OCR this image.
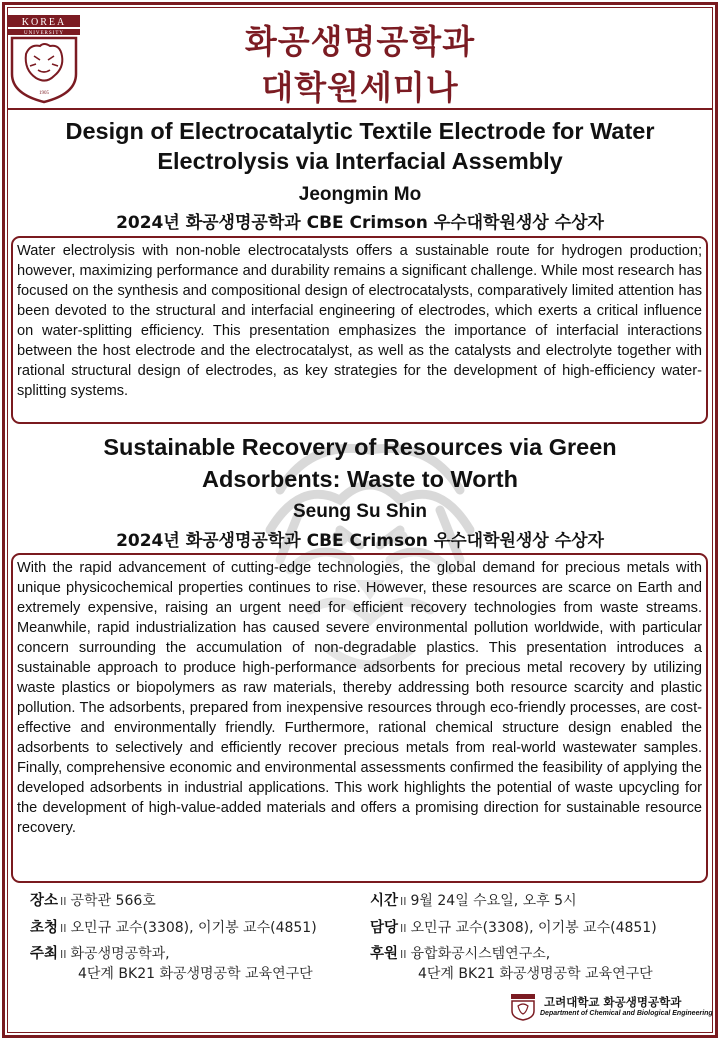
KOREA
UNIVERSITY
1905
화공생명공학과
대학원세미나
Design of Electrocatalytic Textile Electrode for Water
Electrolysis via Interfacial Assembly
Jeongmin Mo
2024년 화공생명공학과 CBE Crimson 우수대학원생상 수상자
Water electrolysis with non-noble electrocatalysts offers a sustainable route for hydrogen production; however, maximizing performance and durability remains a significant challenge. While most research has focused on the synthesis and compositional design of electrocatalysts, comparatively limited attention has been devoted to the structural and interfacial engineering of electrodes, which exerts a critical influence on water-splitting efficiency. This presentation emphasizes the importance of interfacial interactions between the host electrode and the electrocatalyst, as well as the catalysts and electrolyte together with rational structural design of electrodes, as key strategies for the development of high-efficiency water-splitting systems.
Sustainable Recovery of Resources via Green
Adsorbents: Waste to Worth
Seung Su Shin
2024년 화공생명공학과 CBE Crimson 우수대학원생상 수상자
With the rapid advancement of cutting-edge technologies, the global demand for precious metals with unique physicochemical properties continues to rise. However, these resources are scarce on Earth and extremely expensive, raising an urgent need for efficient recovery technologies from waste streams. Meanwhile, rapid industrialization has caused severe environmental pollution worldwide, with particular concern surrounding the accumulation of non-degradable plastics. This presentation introduces a sustainable approach to produce high-performance adsorbents for precious metal recovery by utilizing waste plastics or biopolymers as raw materials, thereby addressing both resource scarcity and plastic pollution. The adsorbents, prepared from inexpensive resources through eco-friendly processes, are cost-effective and environmentally friendly. Furthermore, rational chemical structure design enabled the adsorbents to selectively and efficiently recover precious metals from real-world wastewater samples. Finally, comprehensive economic and environmental assessments confirmed the feasibility of applying the developed adsorbents in industrial applications. This work highlights the potential of waste upcycling for the development of high-value-added materials and offers a promising direction for sustainable resource recovery.
장소 II 공학관 566호	시간 II 9월 24일 수요일, 오후 5시
초청 II 오민규 교수(3308), 이기봉 교수(4851)	담당 II 오민규 교수(3308), 이기봉 교수(4851)
주최 II 화공생명공학과,
4단계 BK21 화공생명공학 교육연구단
후원 II 융합화공시스템연구소,
4단계 BK21 화공생명공학 교육연구단
고려대학교 화공생명공학과
Department of Chemical and Biological Engineering
